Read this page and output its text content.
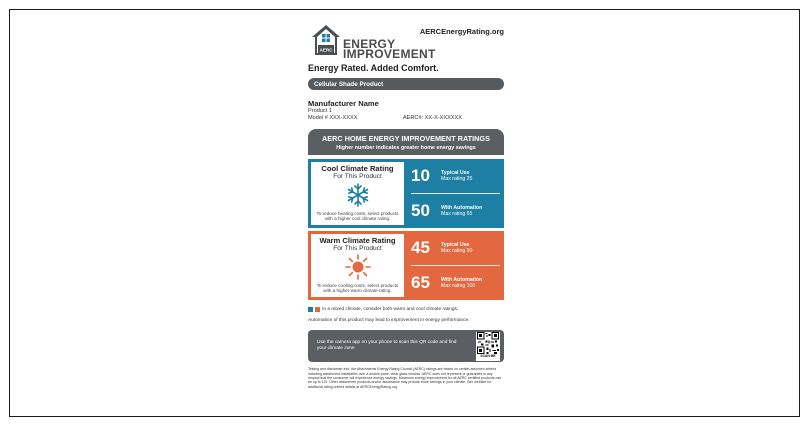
AERC ENERGY
IMPROVEMENT
AERCEnergyRating.org
Energy Rated. Added Comfort.
Cellular Shade Product
Manufacturer Name
Product 1
Model # XXX-XXXX	AERC#: XX-X-XXXXXX
AERC HOME ENERGY IMPROVEMENT RATINGS
Higher number indicates greater home energy savings
Cool Climate Rating
For This Product
To reduce heating costs, select products with a higher cool climate rating.
10	Typical Use
Max rating 25
50	With Automation
Max rating 65
Warm Climate Rating
For This Product
To reduce cooling costs, select products with a higher warm climate rating.
45	Typical Use
Max rating 50
65	With Automation
Max rating 100
In a mixed climate, consider both warm and cool climate ratings.
Automation of this product may lead to improvement in energy performance.
Use the camera app on your phone to scan this QR code and find your climate zone
SCAN ME
Testing and disclaimer info: the Attachments Energy Rating Council (AERC) ratings are based on certain assumed criteria including attachment installation over a double-pane, clear glass window. AERC does not represent or guarantee in any respect that the consumer will experience energy savings. Maximum energy improvement for all AERC certified products can be up to 110. Other attachment products and/or automation may provide more savings in your climate. See website for additional rating criteria details at AERCEnergyRating.org.
